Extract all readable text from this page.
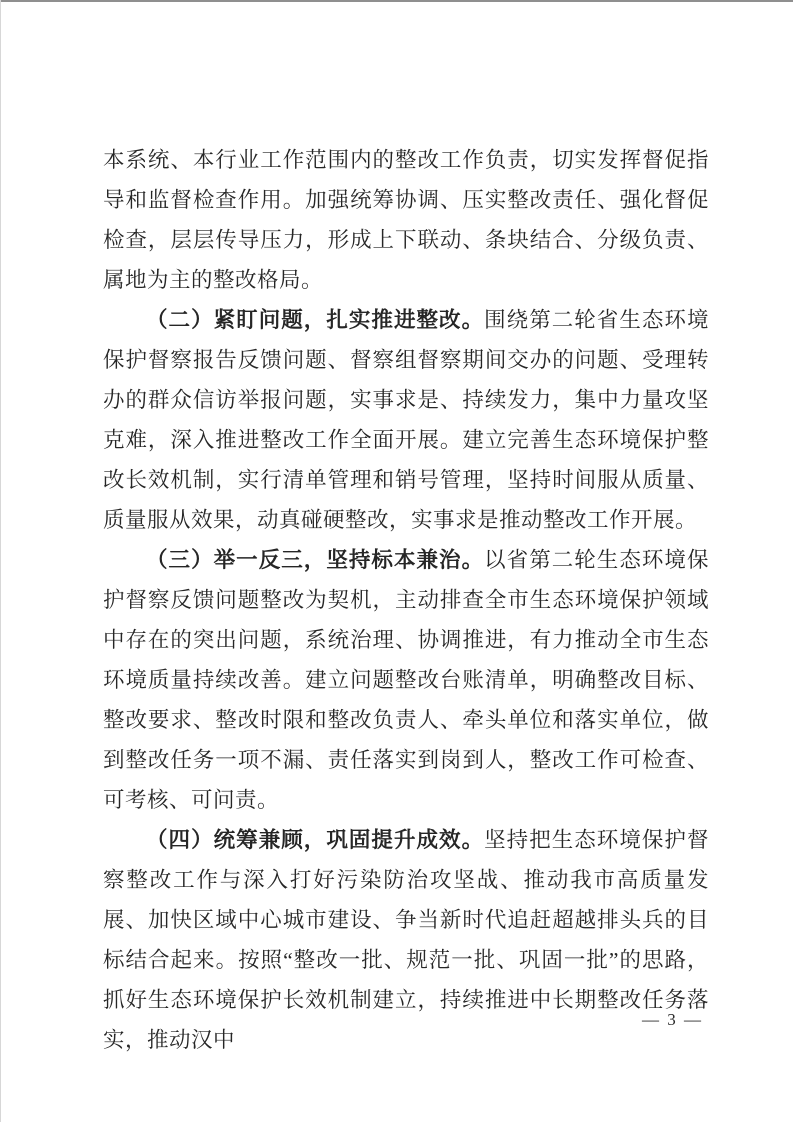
本系统、本行业工作范围内的整改工作负责，切实发挥督促指导和监督检查作用。加强统筹协调、压实整改责任、强化督促检查，层层传导压力，形成上下联动、条块结合、分级负责、属地为主的整改格局。

（二）紧盯问题，扎实推进整改。围绕第二轮省生态环境保护督察报告反馈问题、督察组督察期间交办的问题、受理转办的群众信访举报问题，实事求是、持续发力，集中力量攻坚克难，深入推进整改工作全面开展。建立完善生态环境保护整改长效机制，实行清单管理和销号管理，坚持时间服从质量、质量服从效果，动真碰硬整改，实事求是推动整改工作开展。

（三）举一反三，坚持标本兼治。以省第二轮生态环境保护督察反馈问题整改为契机，主动排查全市生态环境保护领域中存在的突出问题，系统治理、协调推进，有力推动全市生态环境质量持续改善。建立问题整改台账清单，明确整改目标、整改要求、整改时限和整改负责人、牵头单位和落实单位，做到整改任务一项不漏、责任落实到岗到人，整改工作可检查、可考核、可问责。

（四）统筹兼顾，巩固提升成效。坚持把生态环境保护督察整改工作与深入打好污染防治攻坚战、推动我市高质量发展、加快区域中心城市建设、争当新时代追赶超越排头兵的目标结合起来。按照“整改一批、规范一批、巩固一批”的思路，抓好生态环境保护长效机制建立，持续推进中长期整改任务落实，推动汉中

— 3 —
